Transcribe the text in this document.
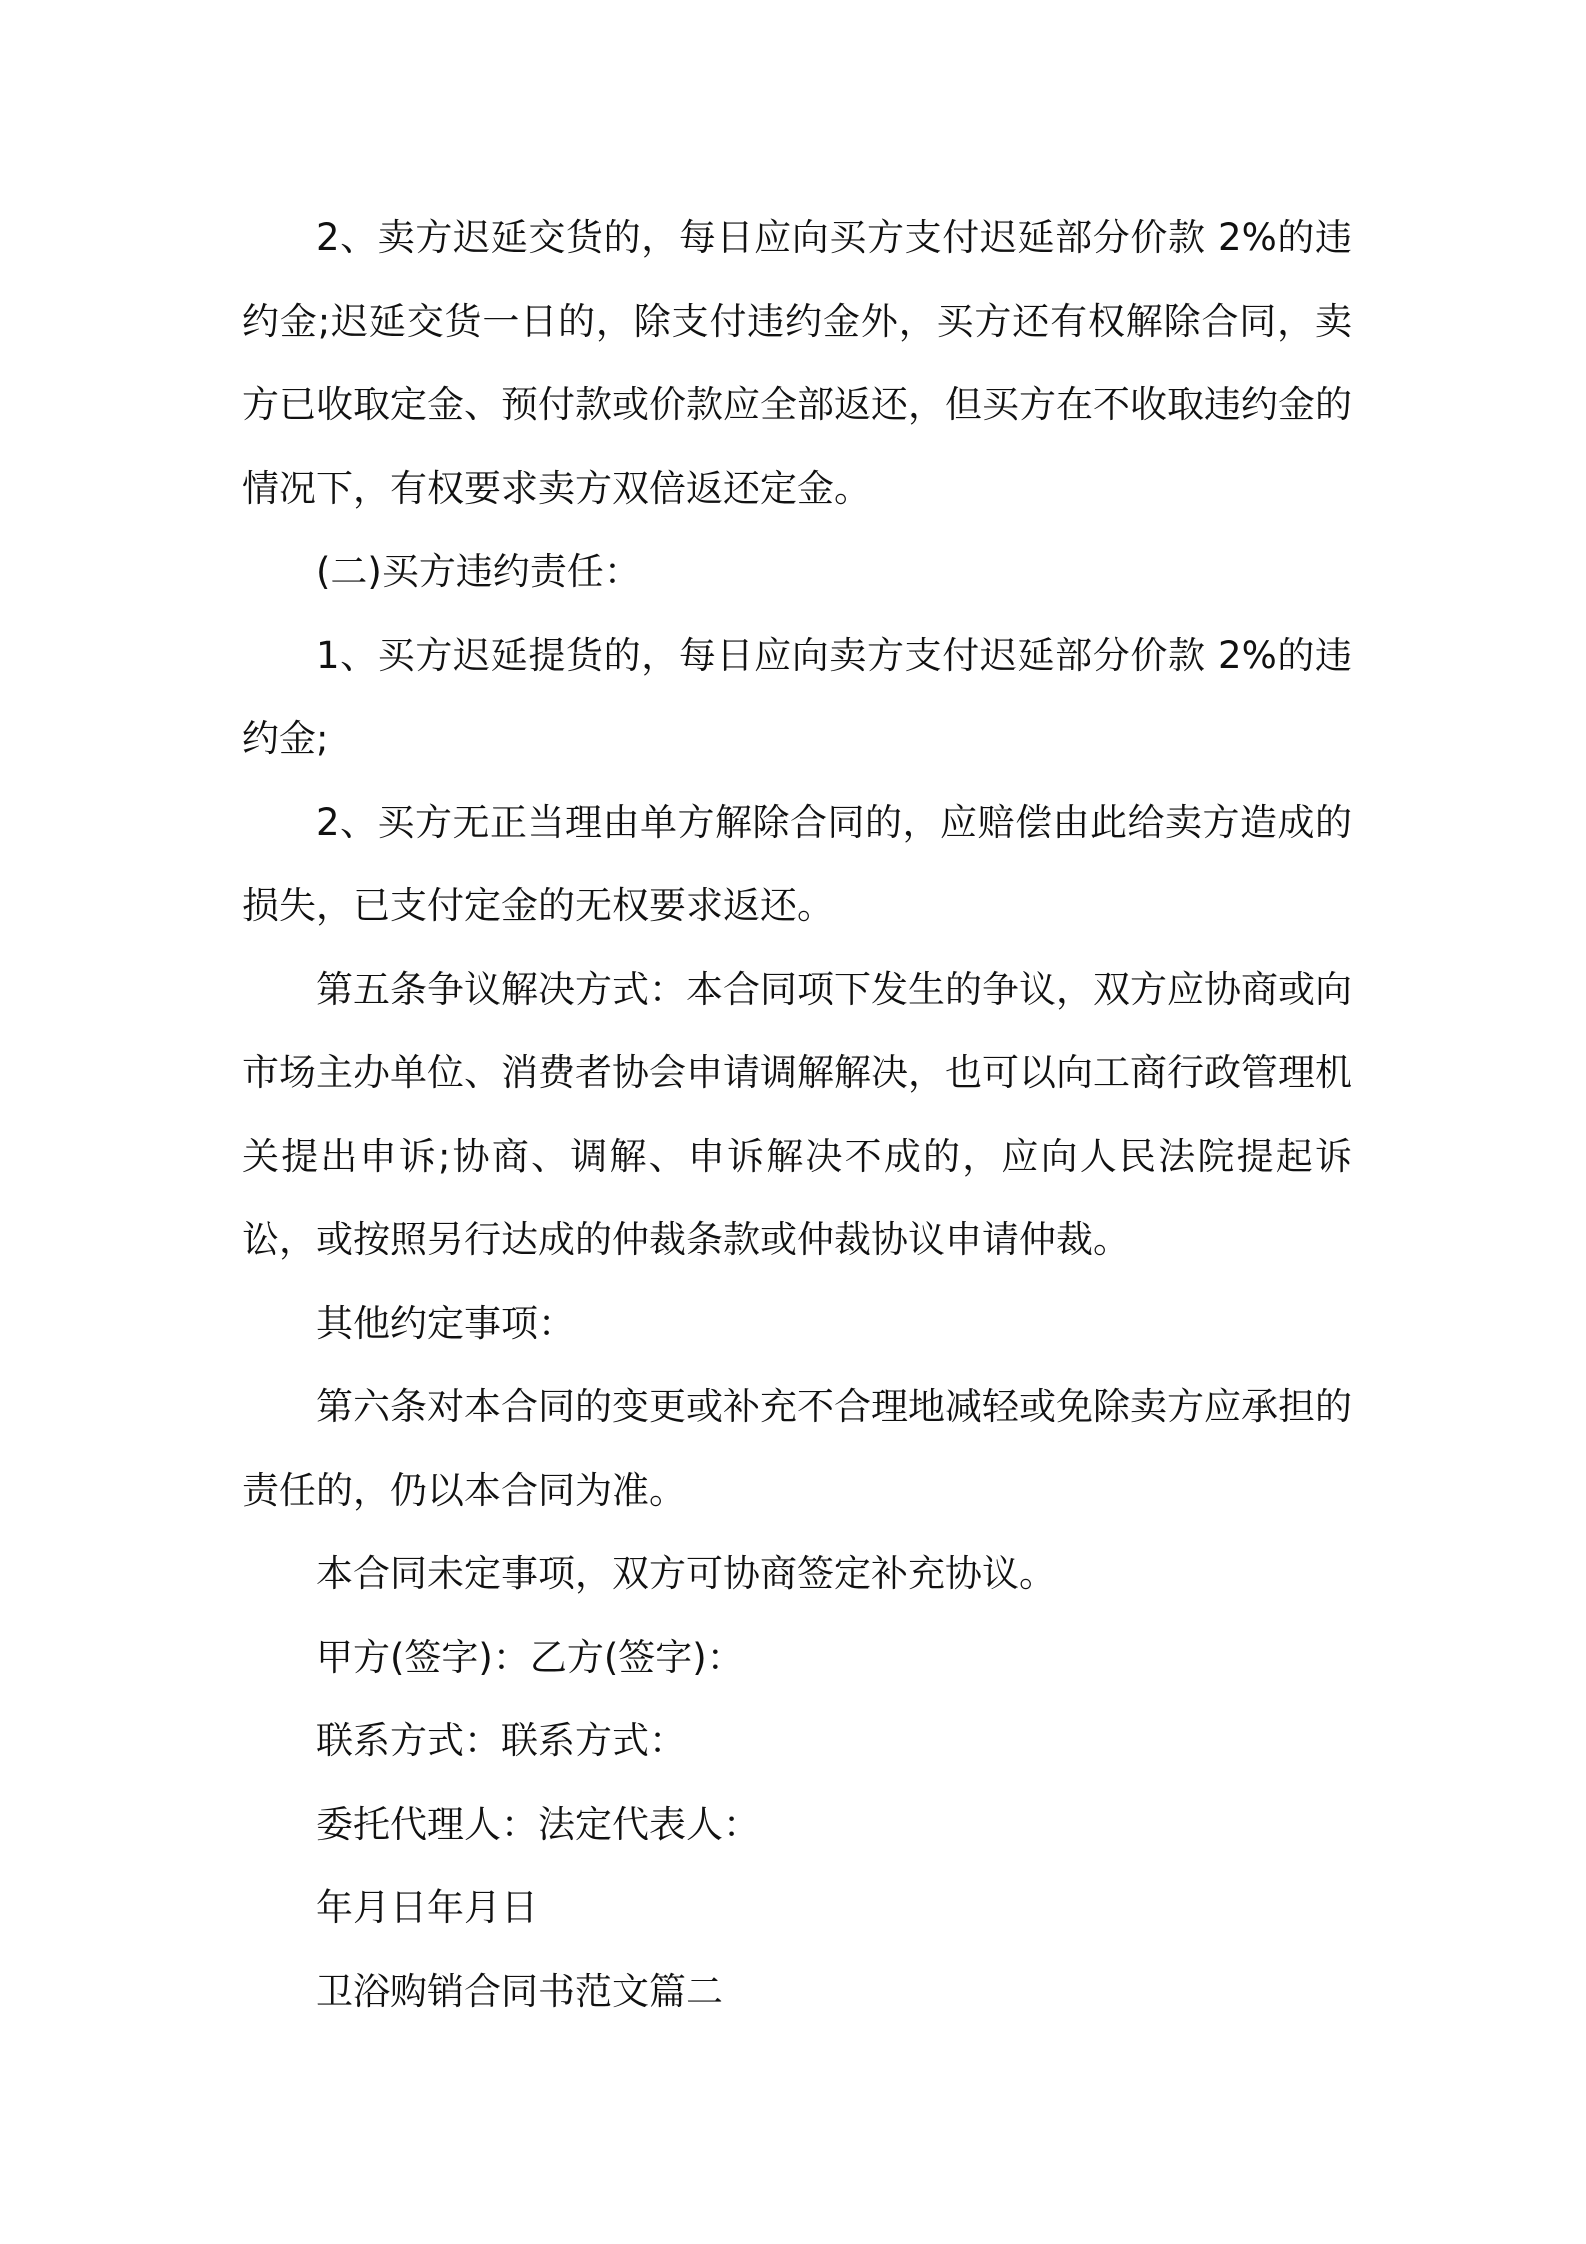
2、卖方迟延交货的，每日应向买方支付迟延部分价款 2%的违约金;迟延交货一日的，除支付违约金外，买方还有权解除合同，卖方已收取定金、预付款或价款应全部返还，但买方在不收取违约金的情况下，有权要求卖方双倍返还定金。

(二)买方违约责任：

1、买方迟延提货的，每日应向卖方支付迟延部分价款 2%的违约金;

2、买方无正当理由单方解除合同的，应赔偿由此给卖方造成的损失，已支付定金的无权要求返还。

第五条争议解决方式：本合同项下发生的争议，双方应协商或向市场主办单位、消费者协会申请调解解决，也可以向工商行政管理机关提出申诉;协商、调解、申诉解决不成的，应向人民法院提起诉讼，或按照另行达成的仲裁条款或仲裁协议申请仲裁。

其他约定事项：

第六条对本合同的变更或补充不合理地减轻或免除卖方应承担的责任的，仍以本合同为准。

本合同未定事项，双方可协商签定补充协议。

甲方(签字)：乙方(签字)：

联系方式：联系方式：

委托代理人：法定代表人：

年月日年月日

卫浴购销合同书范文篇二
